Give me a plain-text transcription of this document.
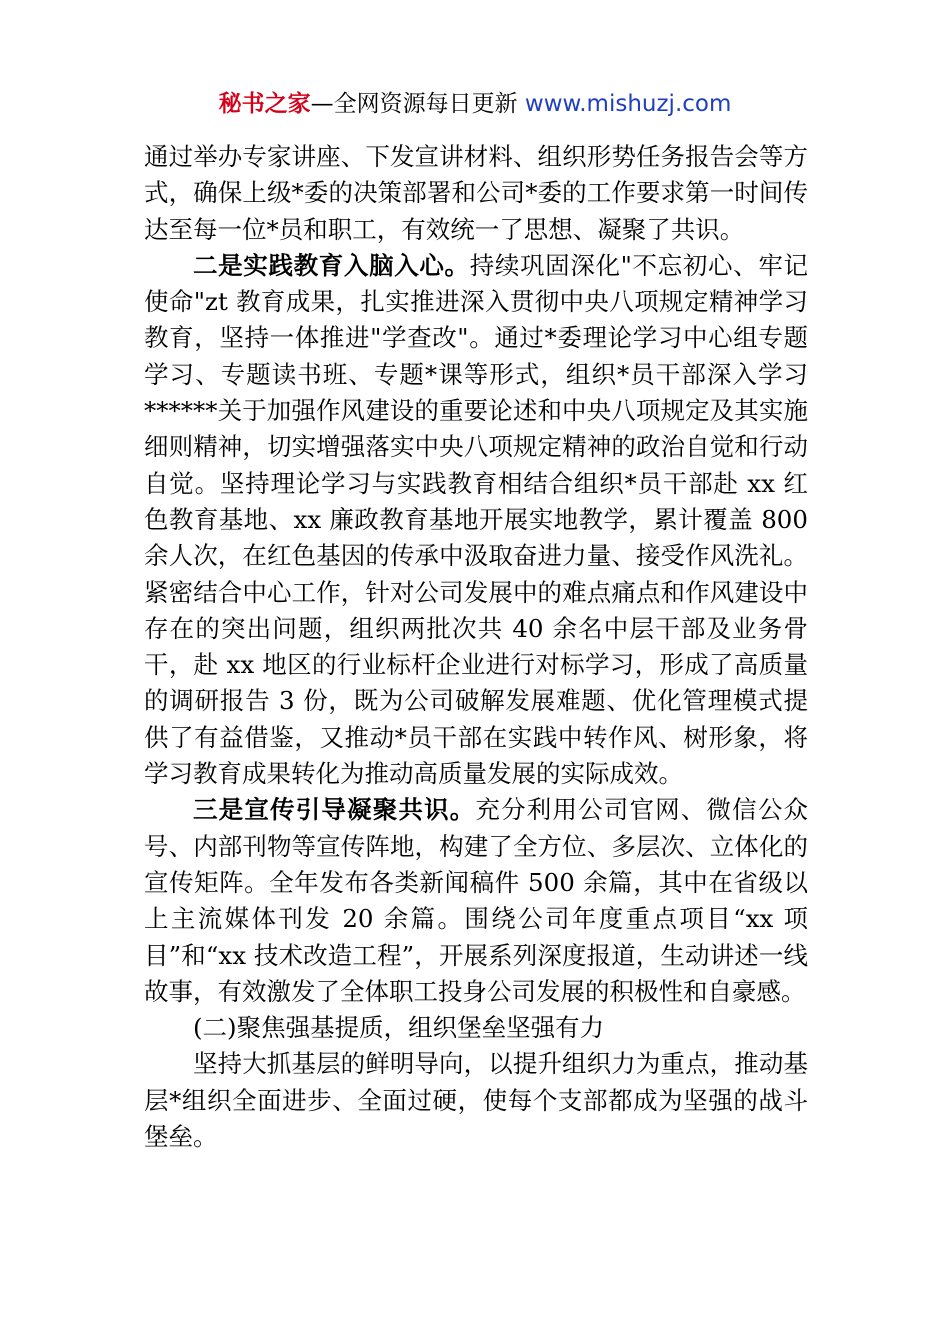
秘书之家—全网资源每日更新 www.mishuzj.com

通过举办专家讲座、下发宣讲材料、组织形势任务报告会等方式，确保上级*委的决策部署和公司*委的工作要求第一时间传达至每一位*员和职工，有效统一了思想、凝聚了共识。

二是实践教育入脑入心。持续巩固深化"不忘初心、牢记使命"zt 教育成果，扎实推进深入贯彻中央八项规定精神学习教育，坚持一体推进"学查改"。通过*委理论学习中心组专题学习、专题读书班、专题*课等形式，组织*员干部深入学习******关于加强作风建设的重要论述和中央八项规定及其实施细则精神，切实增强落实中央八项规定精神的政治自觉和行动自觉。坚持理论学习与实践教育相结合组织*员干部赴 xx 红色教育基地、xx 廉政教育基地开展实地教学，累计覆盖 800 余人次，在红色基因的传承中汲取奋进力量、接受作风洗礼。紧密结合中心工作，针对公司发展中的难点痛点和作风建设中存在的突出问题，组织两批次共 40 余名中层干部及业务骨干，赴 xx 地区的行业标杆企业进行对标学习，形成了高质量的调研报告 3 份，既为公司破解发展难题、优化管理模式提供了有益借鉴，又推动*员干部在实践中转作风、树形象，将学习教育成果转化为推动高质量发展的实际成效。

三是宣传引导凝聚共识。充分利用公司官网、微信公众号、内部刊物等宣传阵地，构建了全方位、多层次、立体化的宣传矩阵。全年发布各类新闻稿件 500 余篇，其中在省级以上主流媒体刊发 20 余篇。围绕公司年度重点项目“xx 项目”和“xx 技术改造工程”，开展系列深度报道，生动讲述一线故事，有效激发了全体职工投身公司发展的积极性和自豪感。

(二)聚焦强基提质，组织堡垒坚强有力

坚持大抓基层的鲜明导向，以提升组织力为重点，推动基层*组织全面进步、全面过硬，使每个支部都成为坚强的战斗堡垒。
